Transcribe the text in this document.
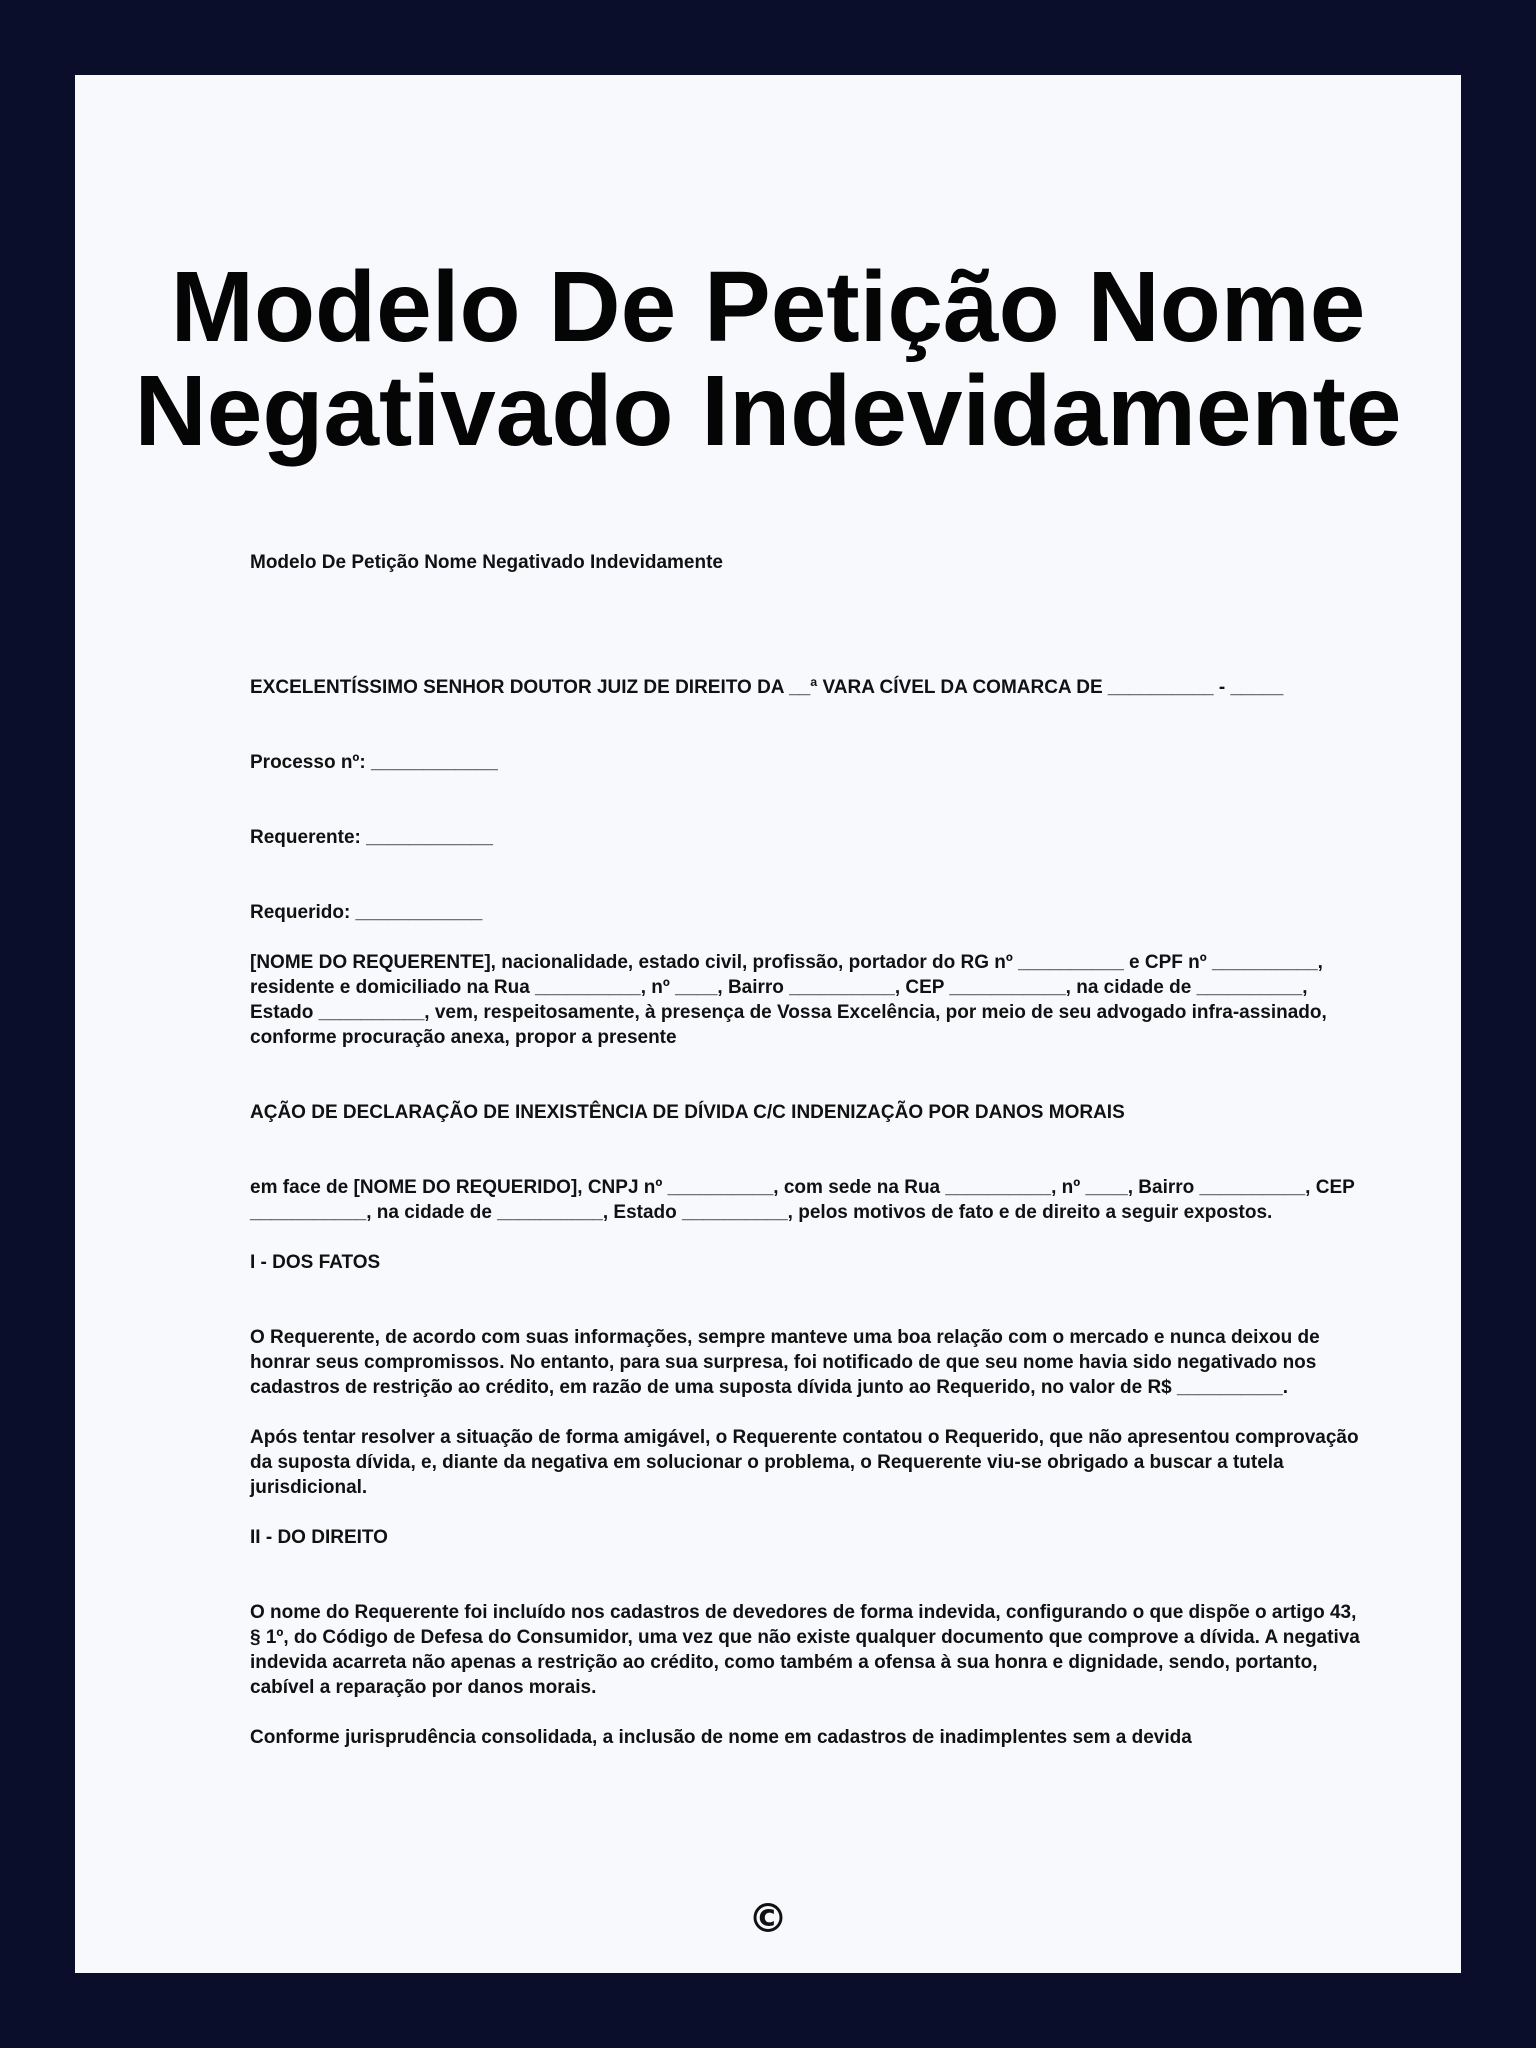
Modelo De Petição Nome Negativado Indevidamente

Modelo De Petição Nome Negativado Indevidamente

EXCELENTÍSSIMO SENHOR DOUTOR JUIZ DE DIREITO DA __ª VARA CÍVEL DA COMARCA DE __________ - _____

Processo nº: ____________

Requerente: ____________

Requerido: ____________

[NOME DO REQUERENTE], nacionalidade, estado civil, profissão, portador do RG nº __________ e CPF nº __________, residente e domiciliado na Rua __________, nº ____, Bairro __________, CEP ___________, na cidade de __________, Estado __________, vem, respeitosamente, à presença de Vossa Excelência, por meio de seu advogado infra-assinado, conforme procuração anexa, propor a presente

AÇÃO DE DECLARAÇÃO DE INEXISTÊNCIA DE DÍVIDA C/C INDENIZAÇÃO POR DANOS MORAIS

em face de [NOME DO REQUERIDO], CNPJ nº __________, com sede na Rua __________, nº ____, Bairro __________, CEP ___________, na cidade de __________, Estado __________, pelos motivos de fato e de direito a seguir expostos.

I - DOS FATOS

O Requerente, de acordo com suas informações, sempre manteve uma boa relação com o mercado e nunca deixou de honrar seus compromissos. No entanto, para sua surpresa, foi notificado de que seu nome havia sido negativado nos cadastros de restrição ao crédito, em razão de uma suposta dívida junto ao Requerido, no valor de R$ __________.

Após tentar resolver a situação de forma amigável, o Requerente contatou o Requerido, que não apresentou comprovação da suposta dívida, e, diante da negativa em solucionar o problema, o Requerente viu-se obrigado a buscar a tutela jurisdicional.

II - DO DIREITO

O nome do Requerente foi incluído nos cadastros de devedores de forma indevida, configurando o que dispõe o artigo 43, § 1º, do Código de Defesa do Consumidor, uma vez que não existe qualquer documento que comprove a dívida. A negativa indevida acarreta não apenas a restrição ao crédito, como também a ofensa à sua honra e dignidade, sendo, portanto, cabível a reparação por danos morais.

Conforme jurisprudência consolidada, a inclusão de nome em cadastros de inadimplentes sem a devida

©
